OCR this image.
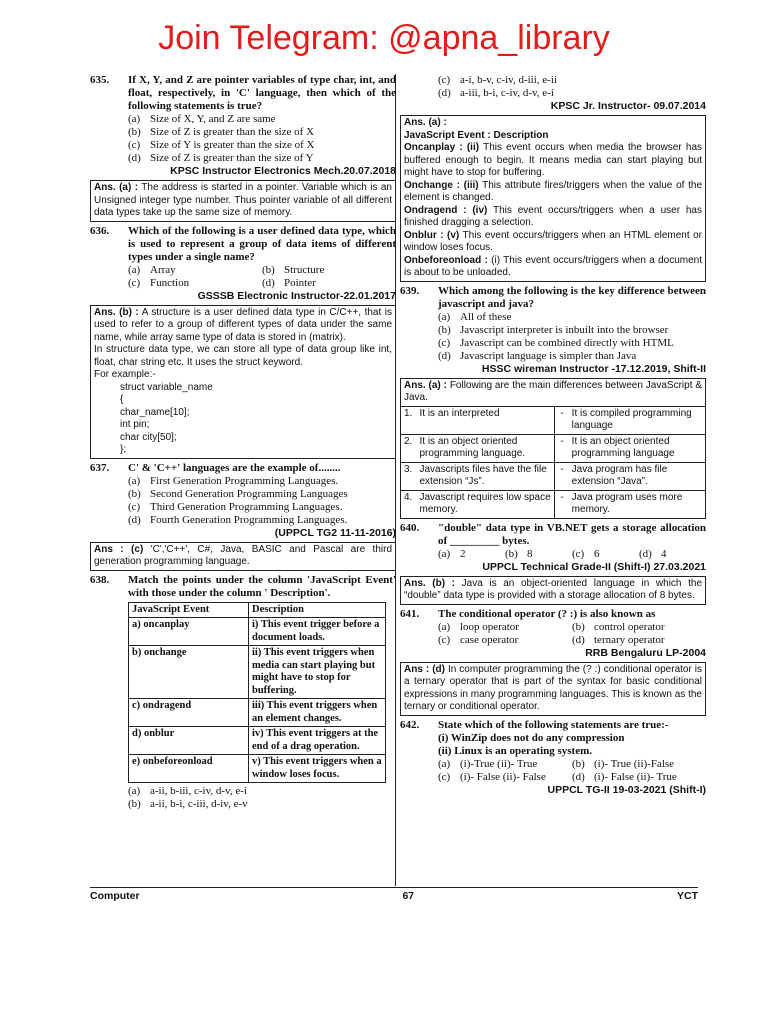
Join Telegram: @apna_library
635.	If X, Y, and Z are pointer variables of type char, int, and float, respectively, in 'C' language, then which of the following statements is true?
(a) Size of X, Y, and Z are same
(b) Size of Z is greater than the size of X
(c) Size of Y is greater than the size of X
(d) Size of Z is greater than the size of Y
KPSC Instructor Electronics Mech.20.07.2018
Ans. (a) : The address is started in a pointer. Variable which is an Unsigned integer type number. Thus pointer variable of all different data types take up the same size of memory.
636.	Which of the following is a user defined data type, which is used to represent a group of data items of different types under a single name?
(a) Array	(b) Structure
(c) Function	(d) Pointer
GSSSB Electronic Instructor-22.01.2017
Ans. (b) : A structure is a user defined data type in C/C++, that is used to refer to a group of different types of data under the same name, while array same type of data is stored in (matrix).
In structure data type, we can store all type of data group like int, float, char string etc. It uses the struct keyword.
For example:-
struct variable_name
{
char_name[10];
int pin;
char city[50];
};
637.	C' & 'C++' languages are the example of........
(a) First Generation Programming Languages.
(b) Second Generation Programming Languages
(c) Third Generation Programming Languages.
(d) Fourth Generation Programming Languages.
(UPPCL TG2 11-11-2016)
Ans : (c) 'C','C++', C#, Java, BASIC and Pascal are third generation programming language.
638.	Match the points under the column 'JavaScript Event' with those under the column ' Description'.
JavaScript Event	Description
a) oncanplay	i) This event trigger before a document loads.
b) onchange	ii) This event triggers when media can start playing but might have to stop for buffering.
c) ondragend	iii) This event triggers when an element changes.
d) onblur	iv) This event triggers at the end of a drag operation.
e) onbeforeonload	v) This event triggers when a window loses focus.
(a) a-ii, b-iii, c-iv, d-v, e-i
(b) a-ii, b-i, c-iii, d-iv, e-v
(c) a-i, b-v, c-iv, d-iii, e-ii
(d) a-iii, b-i, c-iv, d-v, e-i
KPSC Jr. Instructor- 09.07.2014
Ans. (a) :
JavaScript Event : Description
Oncanplay : (ii) This event occurs when media the browser has buffered enough to begin. It means media can start playing but might have to stop for buffering.
Onchange : (iii) This attribute fires/triggers when the value of the element is changed.
Ondragend : (iv) This event occurs/triggers when a user has finished dragging a selection.
Onblur : (v) This event occurs/triggers when an HTML element or window loses focus.
Onbeforeonload : (i) This event occurs/triggers when a document is about to be unloaded.
639.	Which among the following is the key difference between javascript and java?
(a) All of these
(b) Javascript interpreter is inbuilt into the browser
(c) Javascript can be combined directly with HTML
(d) Javascript language is simpler than Java
HSSC wireman Instructor -17.12.2019, Shift-II
Ans. (a) : Following are the main differences between JavaScript & Java.
1.	It is an interpreted	-	It is compiled programming language
2.	It is an object oriented programming language.	-	It is an object oriented programming language
3.	Javascripts files have the file extension “Js”.	-	Java program has file extension “Java”.
4.	Javascript requires low space memory.	-	Java program uses more memory.
640.	"double" data type in VB.NET gets a storage allocation of _________ bytes.
(a) 2	(b) 8	(c) 6	(d) 4
UPPCL Technical Grade-II (Shift-I) 27.03.2021
Ans. (b) : Java is an object-oriented language in which the “double” data type is provided with a storage allocation of 8 bytes.
641.	The conditional operator (? :) is also known as
(a) loop operator	(b) control operator
(c) case operator	(d) ternary operator
RRB Bengaluru LP-2004
Ans : (d) In computer programming the (? :) conditional operator is a ternary operator that is part of the syntax for basic conditional expressions in many programming languages. This is known as the ternary or conditional operator.
642.	State which of the following statements are true:-
(i) WinZip does not do any compression
(ii) Linux is an operating system.
(a) (i)-True (ii)- True	(b) (i)- True (ii)-False
(c) (i)- False (ii)- False (d) (i)- False (ii)- True
UPPCL TG-II 19-03-2021 (Shift-I)
Computer	67	YCT
